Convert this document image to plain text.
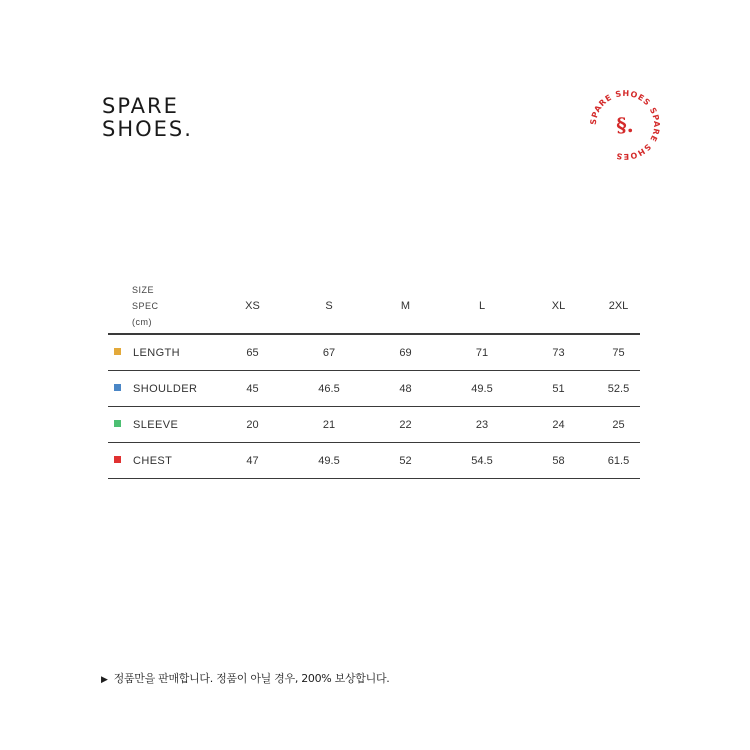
SPARE
SHOES.	SPARE SHOES SPARE SHOES
§.
SIZE
SPEC
(cm)	XS	S	M	L	XL	2XL
LENGTH	65	67	69	71	73	75
SHOULDER	45	46.5	48	49.5	51	52.5
SLEEVE	20	21	22	23	24	25
CHEST	47	49.5	52	54.5	58	61.5
▶ 정품만을 판매합니다. 정품이 아닐 경우, 200% 보상합니다.
